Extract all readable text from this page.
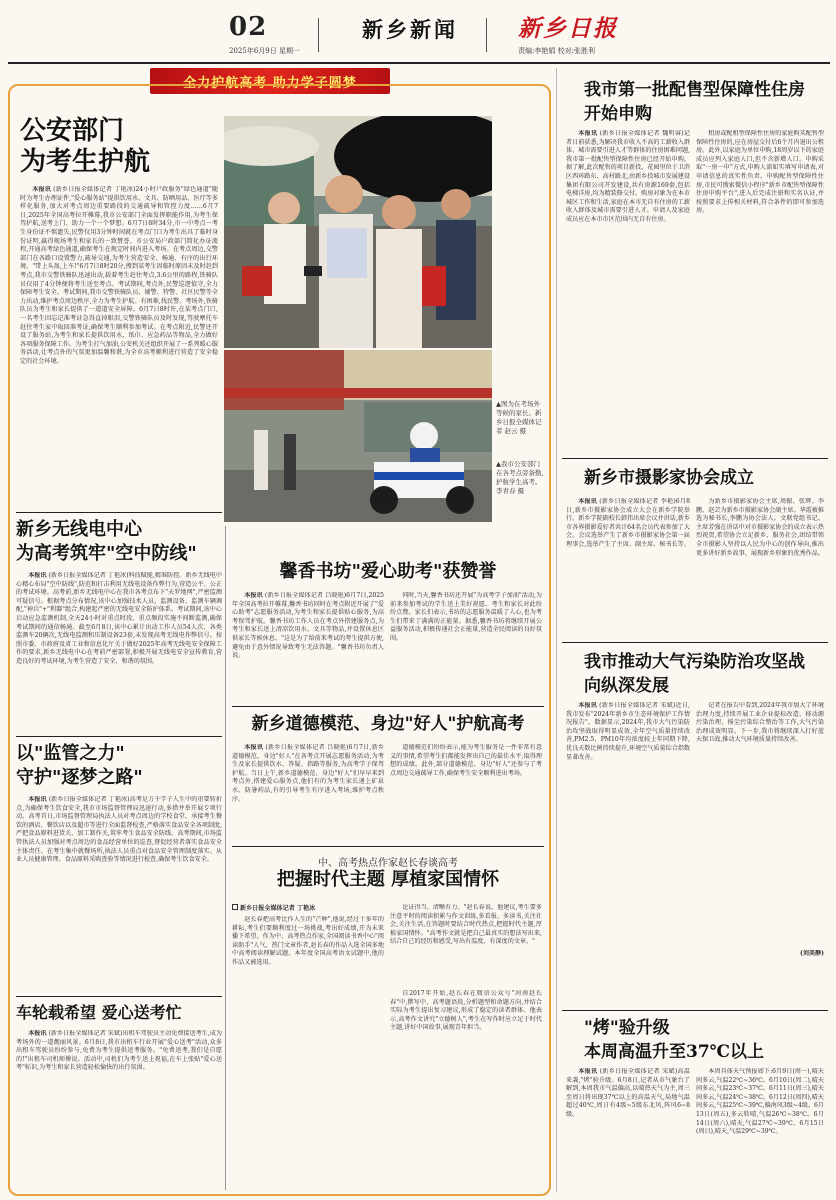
02
2025年6月9日 星期一
新乡新闻	新乡日报
责编:李艳娟 校对:张胜利
全力护航高考 助力学子圆梦
公安部门
为考生护航

本报讯 (新乡日报全媒体记者 丁艳冰)24小时户政服务"绿色通道"随时为考生办理证件,"爱心服务站"提供饮用水、文具、防晒用品、医疗等多样化服务,加大对考点周边重要路段的交通疏导和管控力度……6月7日,2025年全国高考拉开帷幕,我市公安部门全面发挥职能作用,为考生保驾护航,送考上门、助力一个一个梦想。6月7日8时34分,市一中考点一考生身份证不慎遗失,民警仅用3分钟时间就在考点门口为考生出具了临时身份证明,赢得现场考生和家长的一致赞誉。市公安局户政部门简化办证流程,开通高考绿色通道,确保考生在规定时间内进入考场。在考点周边,交警部门在各路口设置警力,疏导交通,为考生营造安全、畅通、有序的出行环境。"带上头盔,上车!"6月7日8时20分,搜到某考生因临时原因未及时赶到考点,我市交警铁骑队迅速出动,载着考生赶往考点,3.6公里的路程,铁骑队员仅用了4分钟便将考生送至考点。考试期间,考点外,民警巡逻值守,全力保障考生安全。考试期间,我市交警铁骑队员、辅警、特警、社区民警等全力出动,维护考点周边秩序,全力为考生护航。有困难,找民警。考场外,铁骑队员为考生和家长提供了一道道安全屏障。6月7日8时许,在某考点门口,一名考生因忘记准考证急得直掉眼泪,交警铁骑队员及时发现,驾驶摩托车赶往考生家中取回准考证,确保考生顺利参加考试。在考点附近,民警还开设了服务站,为考生和家长提供饮用水、纸巾、应急药品等物品,全力做好各项服务保障工作。为考生打气加油,公安机关还组织开展了一系列暖心服务活动,让考点外的气氛更加温馨和谐,为全市高考顺利进行营造了安全稳定的社会环境。

▲图为在考场外等候的家长。新乡日报全媒体记者 赵云 摄
▲我市公安部门在各考点旁备勤,护航学生高考。 李青春 摄
新乡无线电中心
为高考筑牢"空中防线"

本报讯 (新乡日报全媒体记者 丁艳冰)科技赋能,精准防控。新乡无线电中心精心布局"空中防线",防范和打击利用无线电设备作弊行为,营造公平、公正的考试环境。高考前,新乡无线电中心在我市各考点布下"天罗地网",严密监测可疑信号。根据考点分布情况,该中心加强技术人员、监测设备、监测车辆调配,"神兵"+"利器"组合,构建起严密的无线电安全防护体系。考试期间,该中心启动应急监测机制,全天24小时对重点时段、重点频段实施不间断监测,确保考试期间的通信畅通。截至6月8日,该中心累计出动工作人员54人次、各类监测车20辆次,无线电监测和压制设备23套,未发现高考无线电作弊信号。按照市委、市政府及省工业和信息化厅关于做好2025年高考无线电安全保障工作的要求,新乡无线电中心在考前严密部署,积极开展无线电安全宣传教育,营造良好的考试环境,为考生营造了安全、和谐的氛围。

以"监管之力"
守护"逐梦之路"

本报讯 (新乡日报全媒体记者 丁艳冰)高考是万千学子人生中的重要转折点,为确保考生饮食安全,我市市场监督管理局迅速行动,多措并举开展专项行动。高考首日,市场监督管理局执法人员对考点周边的学校食堂、承接考生餐饮的酒店、餐饮店以及超市等进行全面监督检查,严格落实食品安全各项制度,严把食品原料进货关、加工制作关,筑牢考生食品安全防线。高考期间,市场监管执法人员加强对考点周边的食品经营单位的巡查,督促经营者落实食品安全主体责任。在考生集中就餐场所,执法人员重点对食品安全管理制度落实、从业人员健康管理、食品原料采购查验等情况进行检查,确保考生饮食安全。

车轮载希望 爱心送考忙

本报讯 (新乡日报全媒体记者 宋斌)出租车驾驶员主动免费接送考生,成为考场外的一道靓丽风景。6月8日,我市出租车行业开展"爱心送考"活动,众多出租车驾驶员纷纷参与,免费为考生提供送考服务。"免费送考,我们是自愿的!"出租车司机师傅说。活动中,司机们为考生送上祝福,在车上张贴"爱心送考"标识,为考生和家长营造轻松愉快的出行氛围。

馨香书坊"爱心助考"获赞誉

本报讯 (新乡日报全媒体记者 吕晓艳)6月7日,2025年全国高考拉开帷幕,馨香书坊同时在考点附近开展了"爱心助考"志愿服务活动,为考生和家长提供贴心服务,为高考保驾护航。馨香书坊工作人员在考点外搭建服务点,为考生和家长送上清凉饮用水、文具等物品,并设置休息区供家长等候休息。"这是为了给前来考试的考生提供方便,避免由于意外情况导致考生无法答题。"馨香书坊负责人说。

同时,当天,馨香书坊还开展"为高考学子加油"活动,为前来参加考试的学生送上美好祝愿。考生和家长对此纷纷点赞。家长们表示,书坊的志愿服务温暖了人心,也为考生们带来了满满的正能量。据悉,馨香书坊将继续开展公益服务活动,积极传递社会正能量,营造全民阅读的良好氛围。

新乡道德模范、身边"好人"护航高考

本报讯 (新乡日报全媒体记者 吕晓艳)6月7日,新乡道德模范、身边"好人"在各考点开展志愿服务活动,为考生及家长提供饮水、答疑、指路等服务,为高考学子保驾护航。当日上午,新乡道德模范、身边"好人"们早早来到考点外,搭建爱心服务点,他们有的为考生家长递上矿泉水、防暑药品,有的引导考生有序进入考场,维护考点秩序。

道德模范们纷纷表示,能为考生服务是一件非常有意义的事情,希望考生们都能发挥出自己的最佳水平,取得理想的成绩。此外,部分道德模范、身边"好人"还参与了考点周边交通疏导工作,确保考生安全顺利进出考场。

中、高考热点作家赵长春谈高考
把握时代主题 厚植家国情怀
新乡日报全媒体记者 丁艳冰

赵长春把高考比作人生的"芒种",他说,经过十多年的耕耘,考生们要顺利度过一场挑战,考出好成绩,开为未来播下希望。作为中、高考热点作家,全国阅读书香中心"阅读助手"人气、热门文章作者,赵长春的作品入选全国多地中高考阅读理解试题。本年度全国高考语文试题中,他的作品又被选用。

论证得当、清晰有力。"赵长春说。他建议,考生要多注意平时的阅读积累与作文训练,多看报、多读书,关注社会,关注生活,在答题时要结合时代热点,把握时代主题,厚植家国情怀。"高考作文就是把自己最真实的想法写出来,结合自己的经历和感受,写出有温度、有深度的文章。"

自2017年开始,赵长春在微信公众号"河南赵长春"中,撰写中、高考题语段,分析题型和命题方向,并结合实际为考生提出复习建议,形成了稳定的读者群体。他表示,高考作文讲究"立德树人",考生在写作时应立足于时代主题,讲好中国故事,展现青年担当。

我市第一批配售型保障性住房
开始申购

本报讯 (新乡日报全媒体记者 魏明睿)记者日前获悉,为解决我市收入不高的工薪收入群体、城市需要引进人才等群体的住房困难问题,我市第一批配售型保障性住房已经开始申购。据了解,此次配售的项目新投、花园里位于卫滨区西环路东、高村路北,由新乡投城市发展建设集团有限公司开发建设,共有房源169套,包括电梯洋房,均为精装修交付。购房对象为在本市城区工作和生活,家庭在本市无自有住房的工薪收入群体及城市需要引进人才。申请人及家庭成员应在本市市区范围内无自有住房。

租房或配租型保障性住房的家庭购买配售型保障性住房的,应在房屋交付后6个月内退出公租房。此外,以家庭为单位申购,18周岁以下的家庭成员应列入家庭人口,但不含新增人口。申购采取"一房一申"方式,申购人需如实填写申请表,对申请信息的真实性负责。申购配售型保障性住房,市民可搜索微信小程序"新乡市配售型保障性住房申购平台",进入后完成注册和实名认证,并按照要求上传相关材料,符合条件的即可参加选房。

新乡市摄影家协会成立

本报讯 (新乡日报全媒体记者 李艳)6月8日,新乡市摄影家协会成立大会在新乡学院举行。新乡学院副校长韩伟出席会议并讲话,新乡市各界摄影爱好者共计64名会员代表参加了大会。会议选举产生了新乡市摄影家协会第一届理事会,选举产生了主席、副主席、秘书长等。

为新乡市摄影家协会主席,周振、张辉、李鹏、赵芸为新乡市摄影家协会副主席。华霞被推选为秘书长,李鹏为协会法人。文联党组书记、主席芳强在讲话中对市摄影家协会的成立表示热烈祝贺,希望协会立足新乡、服务社会,团结带领全市摄影人坚持以人民为中心的创作导向,推出更多讲好新乡故事、展现新乡形象的优秀作品。

我市推动大气污染防治攻坚战
向纵深发展

本报讯 (新乡日报全媒体记者 宋斌)近日,我市发布"2024年新乡市生态环境保护工作情况报告"。数据显示,2024年,我市大气污染防治攻坚战取得明显成效,全年空气质量持续改善,PM2.5、PM10年均浓度较上年同期下降,优良天数比例持续提升,环境空气质量综合指数显著改善。

记者在报告中看到,2024年我市加大了环境治理力度,持续开展工业企业提标改造、移动源污染治理、扬尘污染综合整治等工作,大气污染治理成效明显。下一步,我市将继续深入打好蓝天保卫战,推动大气环境质量持续改善。

(刘美静)
"烤"验升级
本周高温升至37℃以上

本报讯 (新乡日报全媒体记者 宋斌)高温来袭,"烤"验升级。6月8日,记者从市气象台了解到,本周我市气温偏高,以晴热天气为主,周三至周日将出现37℃以上的高温天气,局地气温超过40℃,周日有4级~5级东北风,阵风6~8级。

本周具体天气预报如下:6月9日(周一),晴天间多云,气温22℃~36℃。6月10日(周二),晴天间多云,气温23℃~37℃。6月11日(周三),晴天间多云,气温24℃~38℃。6月12日(周四),晴天间多云,气温25℃~39℃,偏南风3级~4级。6月13日(周五),多云转晴,气温26℃~38℃。6月14日(周六),晴天,气温27℃~39℃。6月15日(周日),晴天,气温29℃~39℃。
